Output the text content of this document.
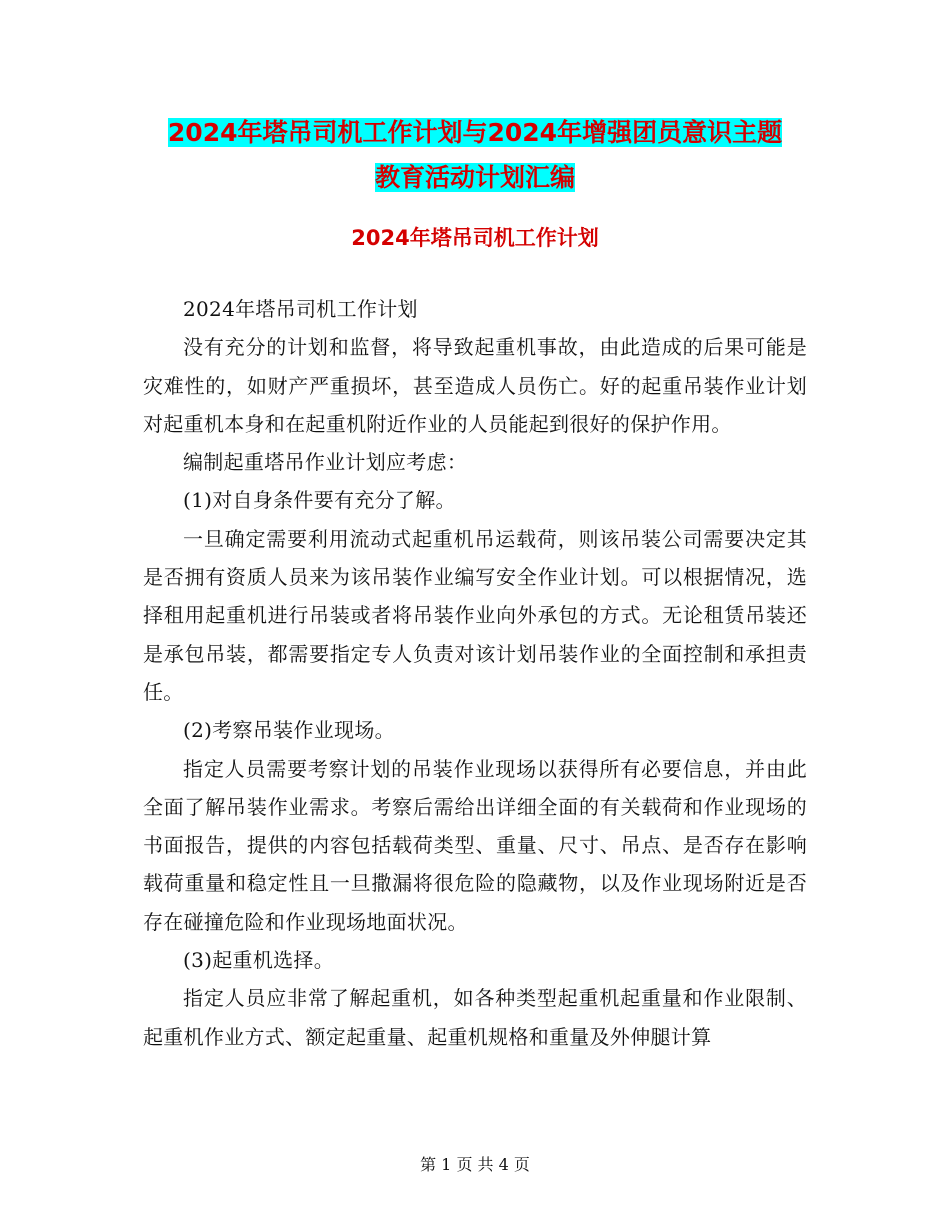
2024年塔吊司机工作计划与2024年增强团员意识主题
教育活动计划汇编
2024年塔吊司机工作计划

2024年塔吊司机工作计划

没有充分的计划和监督，将导致起重机事故，由此造成的后果可能是灾难性的，如财产严重损坏，甚至造成人员伤亡。好的起重吊装作业计划对起重机本身和在起重机附近作业的人员能起到很好的保护作用。

编制起重塔吊作业计划应考虑：

(1)对自身条件要有充分了解。

一旦确定需要利用流动式起重机吊运载荷，则该吊装公司需要决定其是否拥有资质人员来为该吊装作业编写安全作业计划。可以根据情况，选择租用起重机进行吊装或者将吊装作业向外承包的方式。无论租赁吊装还是承包吊装，都需要指定专人负责对该计划吊装作业的全面控制和承担责任。

(2)考察吊装作业现场。

指定人员需要考察计划的吊装作业现场以获得所有必要信息，并由此全面了解吊装作业需求。考察后需给出详细全面的有关载荷和作业现场的书面报告，提供的内容包括载荷类型、重量、尺寸、吊点、是否存在影响载荷重量和稳定性且一旦撒漏将很危险的隐藏物，以及作业现场附近是否存在碰撞危险和作业现场地面状况。

(3)起重机选择。

指定人员应非常了解起重机，如各种类型起重机起重量和作业限制、起重机作业方式、额定起重量、起重机规格和重量及外伸腿计算

第 1 页 共 4 页
